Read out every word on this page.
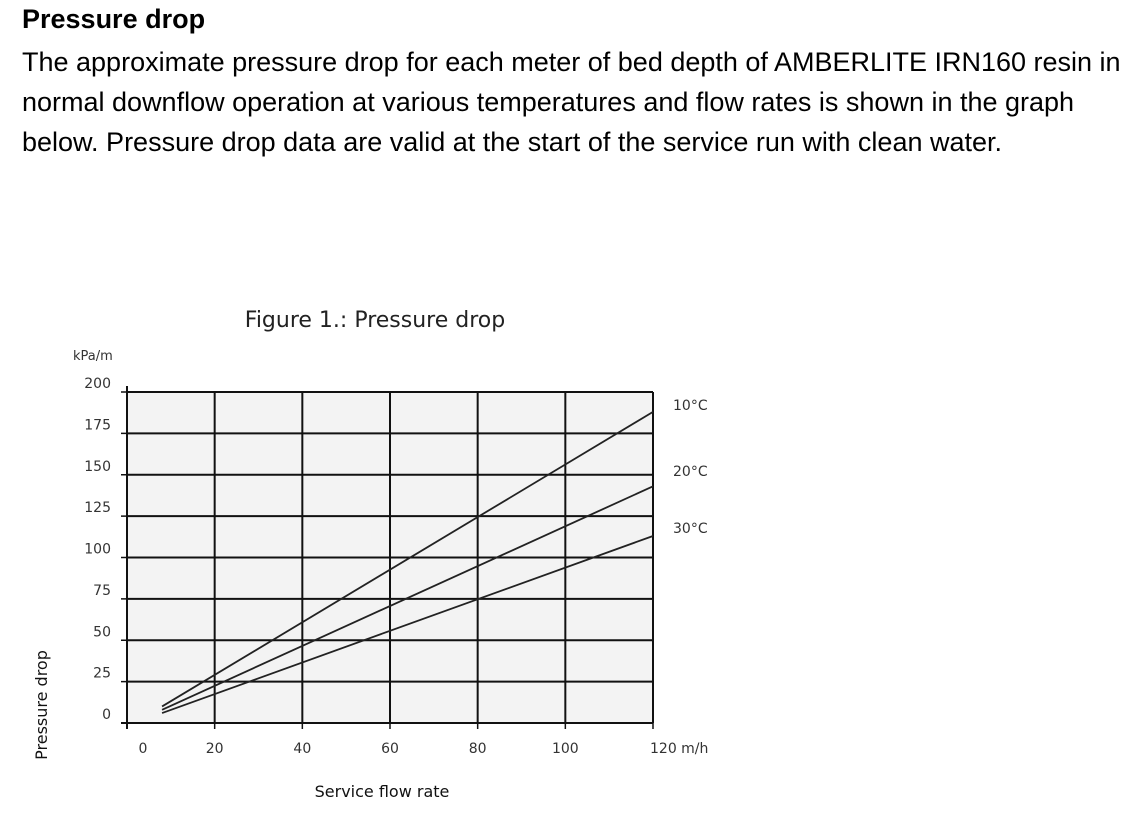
Pressure drop

The approximate pressure drop for each meter of bed depth of AMBERLITE IRN160 resin in normal downflow operation at various temperatures and flow rates is shown in the graph below. Pressure drop data are valid at the start of the service run with clean water.

Figure 1.: Pressure drop
kPa/m
Pressure drop
Service flow rate
0
25
50
75
100
125
150
175
200
0	20	40	60	80	100	120 m/h
10°C
20°C
30°C
